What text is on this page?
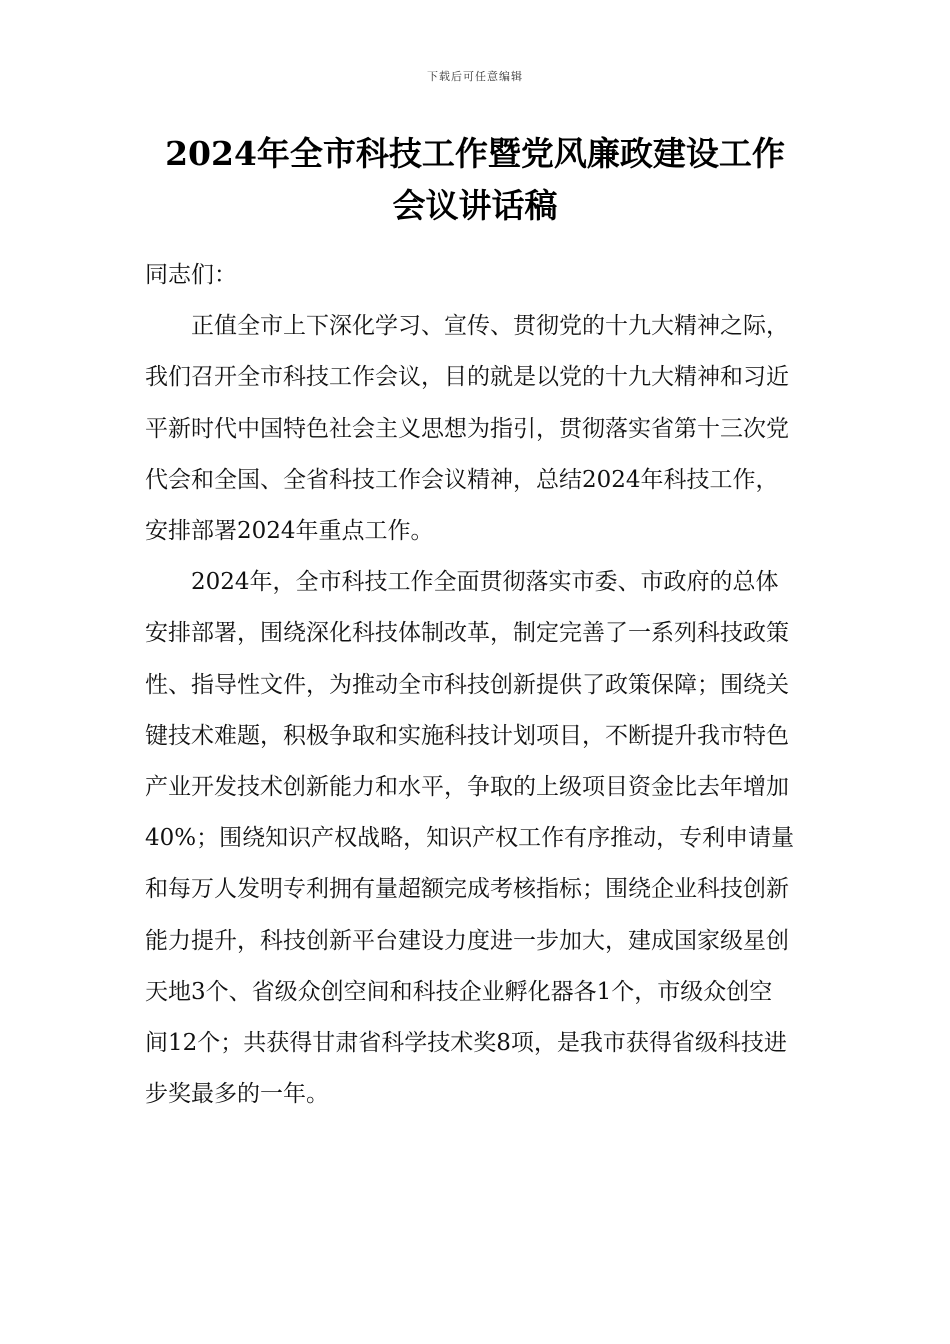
下载后可任意编辑
2024年全市科技工作暨党风廉政建设工作
会议讲话稿

同志们：

正值全市上下深化学习、宣传、贯彻党的十九大精神之际，我们召开全市科技工作会议，目的就是以党的十九大精神和习近平新时代中国特色社会主义思想为指引，贯彻落实省第十三次党代会和全国、全省科技工作会议精神，总结2024年科技工作，安排部署2024年重点工作。

2024年，全市科技工作全面贯彻落实市委、市政府的总体安排部署，围绕深化科技体制改革，制定完善了一系列科技政策性、指导性文件，为推动全市科技创新提供了政策保障；围绕关键技术难题，积极争取和实施科技计划项目，不断提升我市特色产业开发技术创新能力和水平，争取的上级项目资金比去年增加40%；围绕知识产权战略，知识产权工作有序推动，专利申请量和每万人发明专利拥有量超额完成考核指标；围绕企业科技创新能力提升，科技创新平台建设力度进一步加大，建成国家级星创天地3个、省级众创空间和科技企业孵化器各1个，市级众创空间12个；共获得甘肃省科学技术奖8项，是我市获得省级科技进步奖最多的一年。
